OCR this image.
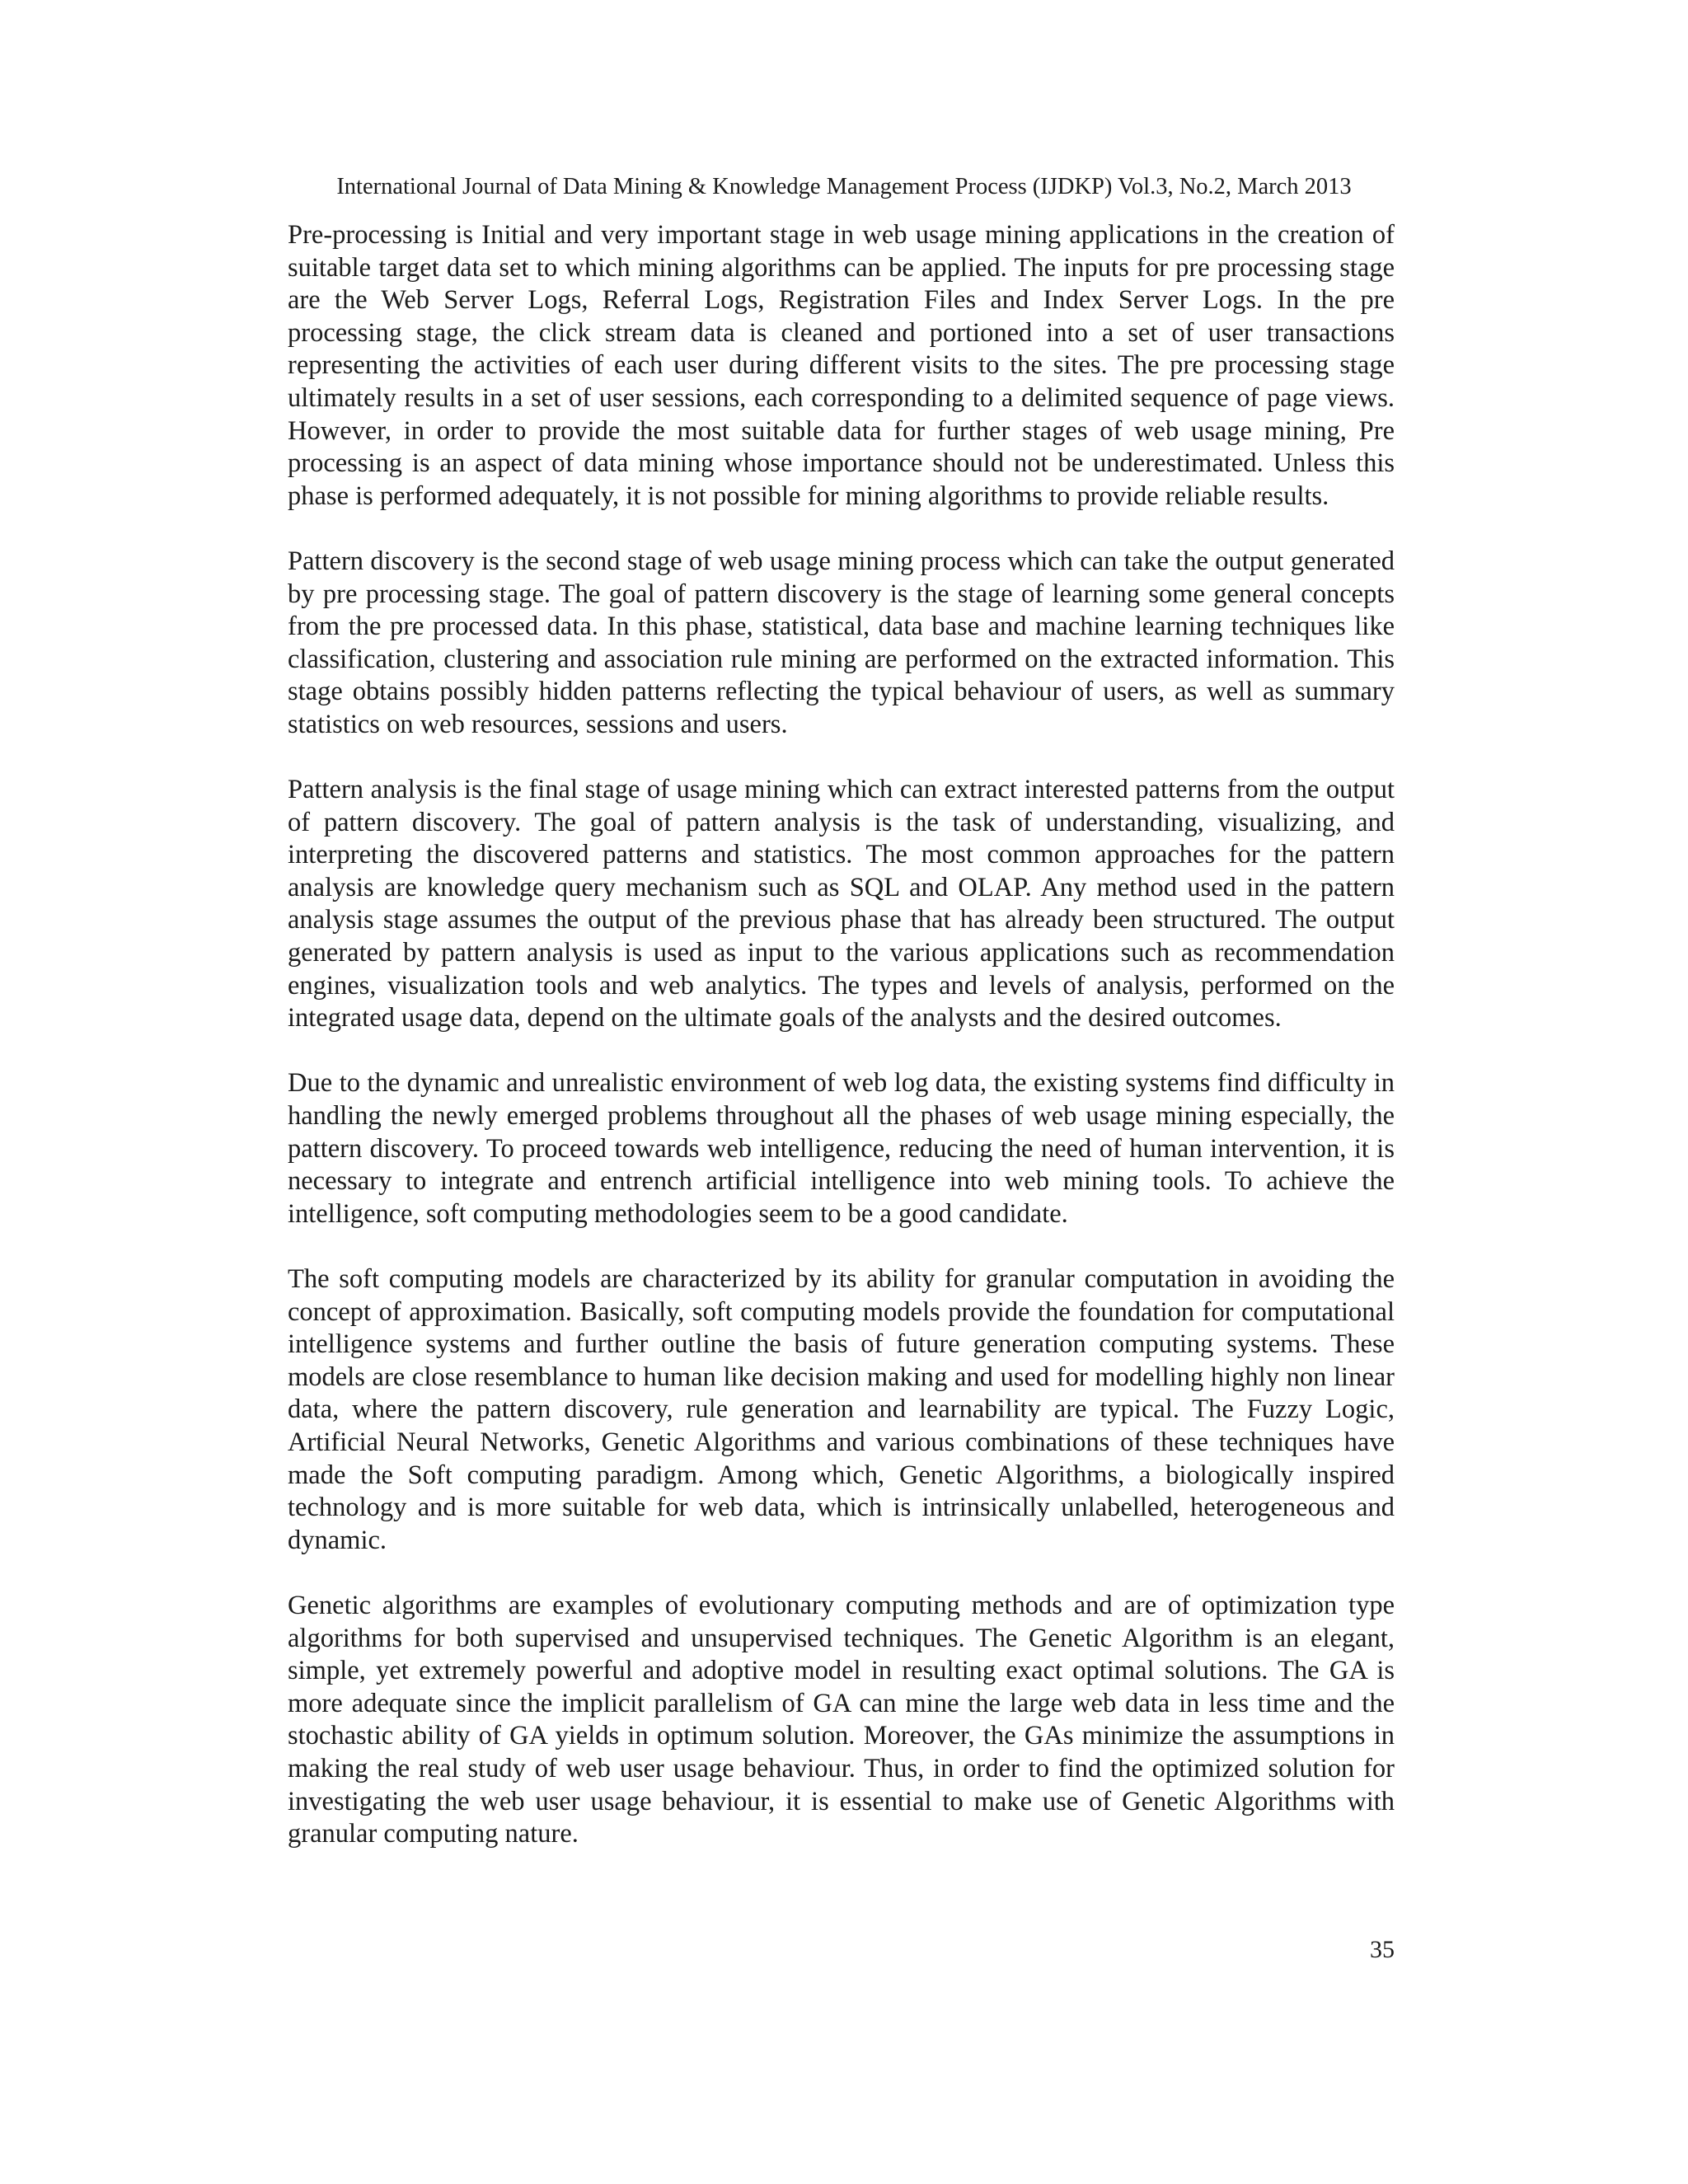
International Journal of Data Mining & Knowledge Management Process (IJDKP) Vol.3, No.2, March 2013

Pre-processing is Initial and very important stage in web usage mining applications in the creation of suitable target data set to which mining algorithms can be applied. The inputs for pre processing stage are the Web Server Logs, Referral Logs, Registration Files and Index Server Logs. In the pre processing stage, the click stream data is cleaned and portioned into a set of user transactions representing the activities of each user during different visits to the sites. The pre processing stage ultimately results in a set of user sessions, each corresponding to a delimited sequence of page views. However, in order to provide the most suitable data for further stages of web usage mining, Pre processing is an aspect of data mining whose importance should not be underestimated. Unless this phase is performed adequately, it is not possible for mining algorithms to provide reliable results.

Pattern discovery is the second stage of web usage mining process which can take the output generated by pre processing stage. The goal of pattern discovery is the stage of learning some general concepts from the pre processed data. In this phase, statistical, data base and machine learning techniques like classification, clustering and association rule mining are performed on the extracted information. This stage obtains possibly hidden patterns reflecting the typical behaviour of users, as well as summary statistics on web resources, sessions and users.

Pattern analysis is the final stage of usage mining which can extract interested patterns from the output of pattern discovery. The goal of pattern analysis is the task of understanding, visualizing, and interpreting the discovered patterns and statistics. The most common approaches for the pattern analysis are knowledge query mechanism such as SQL and OLAP. Any method used in the pattern analysis stage assumes the output of the previous phase that has already been structured. The output generated by pattern analysis is used as input to the various applications such as recommendation engines, visualization tools and web analytics. The types and levels of analysis, performed on the integrated usage data, depend on the ultimate goals of the analysts and the desired outcomes.

Due to the dynamic and unrealistic environment of web log data, the existing systems find difficulty in handling the newly emerged problems throughout all the phases of web usage mining especially, the pattern discovery. To proceed towards web intelligence, reducing the need of human intervention, it is necessary to integrate and entrench artificial intelligence into web mining tools. To achieve the intelligence, soft computing methodologies seem to be a good candidate.

The soft computing models are characterized by its ability for granular computation in avoiding the concept of approximation. Basically, soft computing models provide the foundation for computational intelligence systems and further outline the basis of future generation computing systems. These models are close resemblance to human like decision making and used for modelling highly non linear data, where the pattern discovery, rule generation and learnability are typical. The Fuzzy Logic, Artificial Neural Networks, Genetic Algorithms and various combinations of these techniques have made the Soft computing paradigm. Among which, Genetic Algorithms, a biologically inspired technology and is more suitable for web data, which is intrinsically unlabelled, heterogeneous and dynamic.

Genetic algorithms are examples of evolutionary computing methods and are of optimization type algorithms for both supervised and unsupervised techniques. The Genetic Algorithm is an elegant, simple, yet extremely powerful and adoptive model in resulting exact optimal solutions. The GA is more adequate since the implicit parallelism of GA can mine the large web data in less time and the stochastic ability of GA yields in optimum solution. Moreover, the GAs minimize the assumptions in making the real study of web user usage behaviour. Thus, in order to find the optimized solution for investigating the web user usage behaviour, it is essential to make use of Genetic Algorithms with granular computing nature.

35
